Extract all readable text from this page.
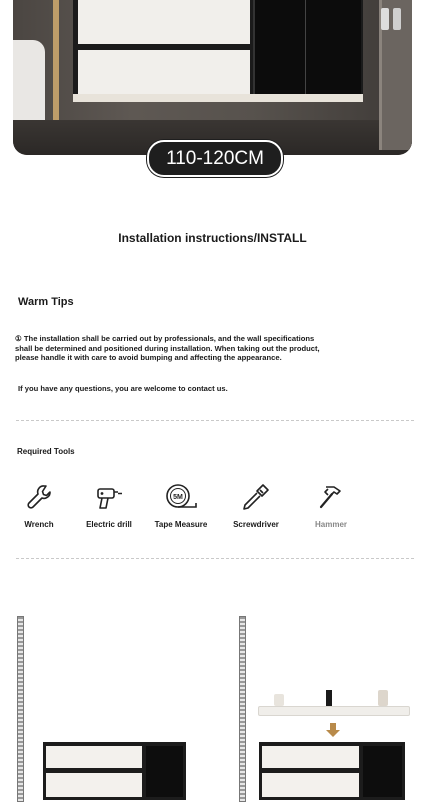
110-120CM
Installation instructions/INSTALL
Warm Tips
① The installation shall be carried out by professionals, and the wall specifications
shall be determined and positioned during installation. When taking out the product,
please handle it with care to avoid bumping and affecting the appearance.
If you have any questions, you are welcome to contact us.
Required Tools
Wrench	Electric drill
5M
Tape Measure	Screwdriver	Hammer
